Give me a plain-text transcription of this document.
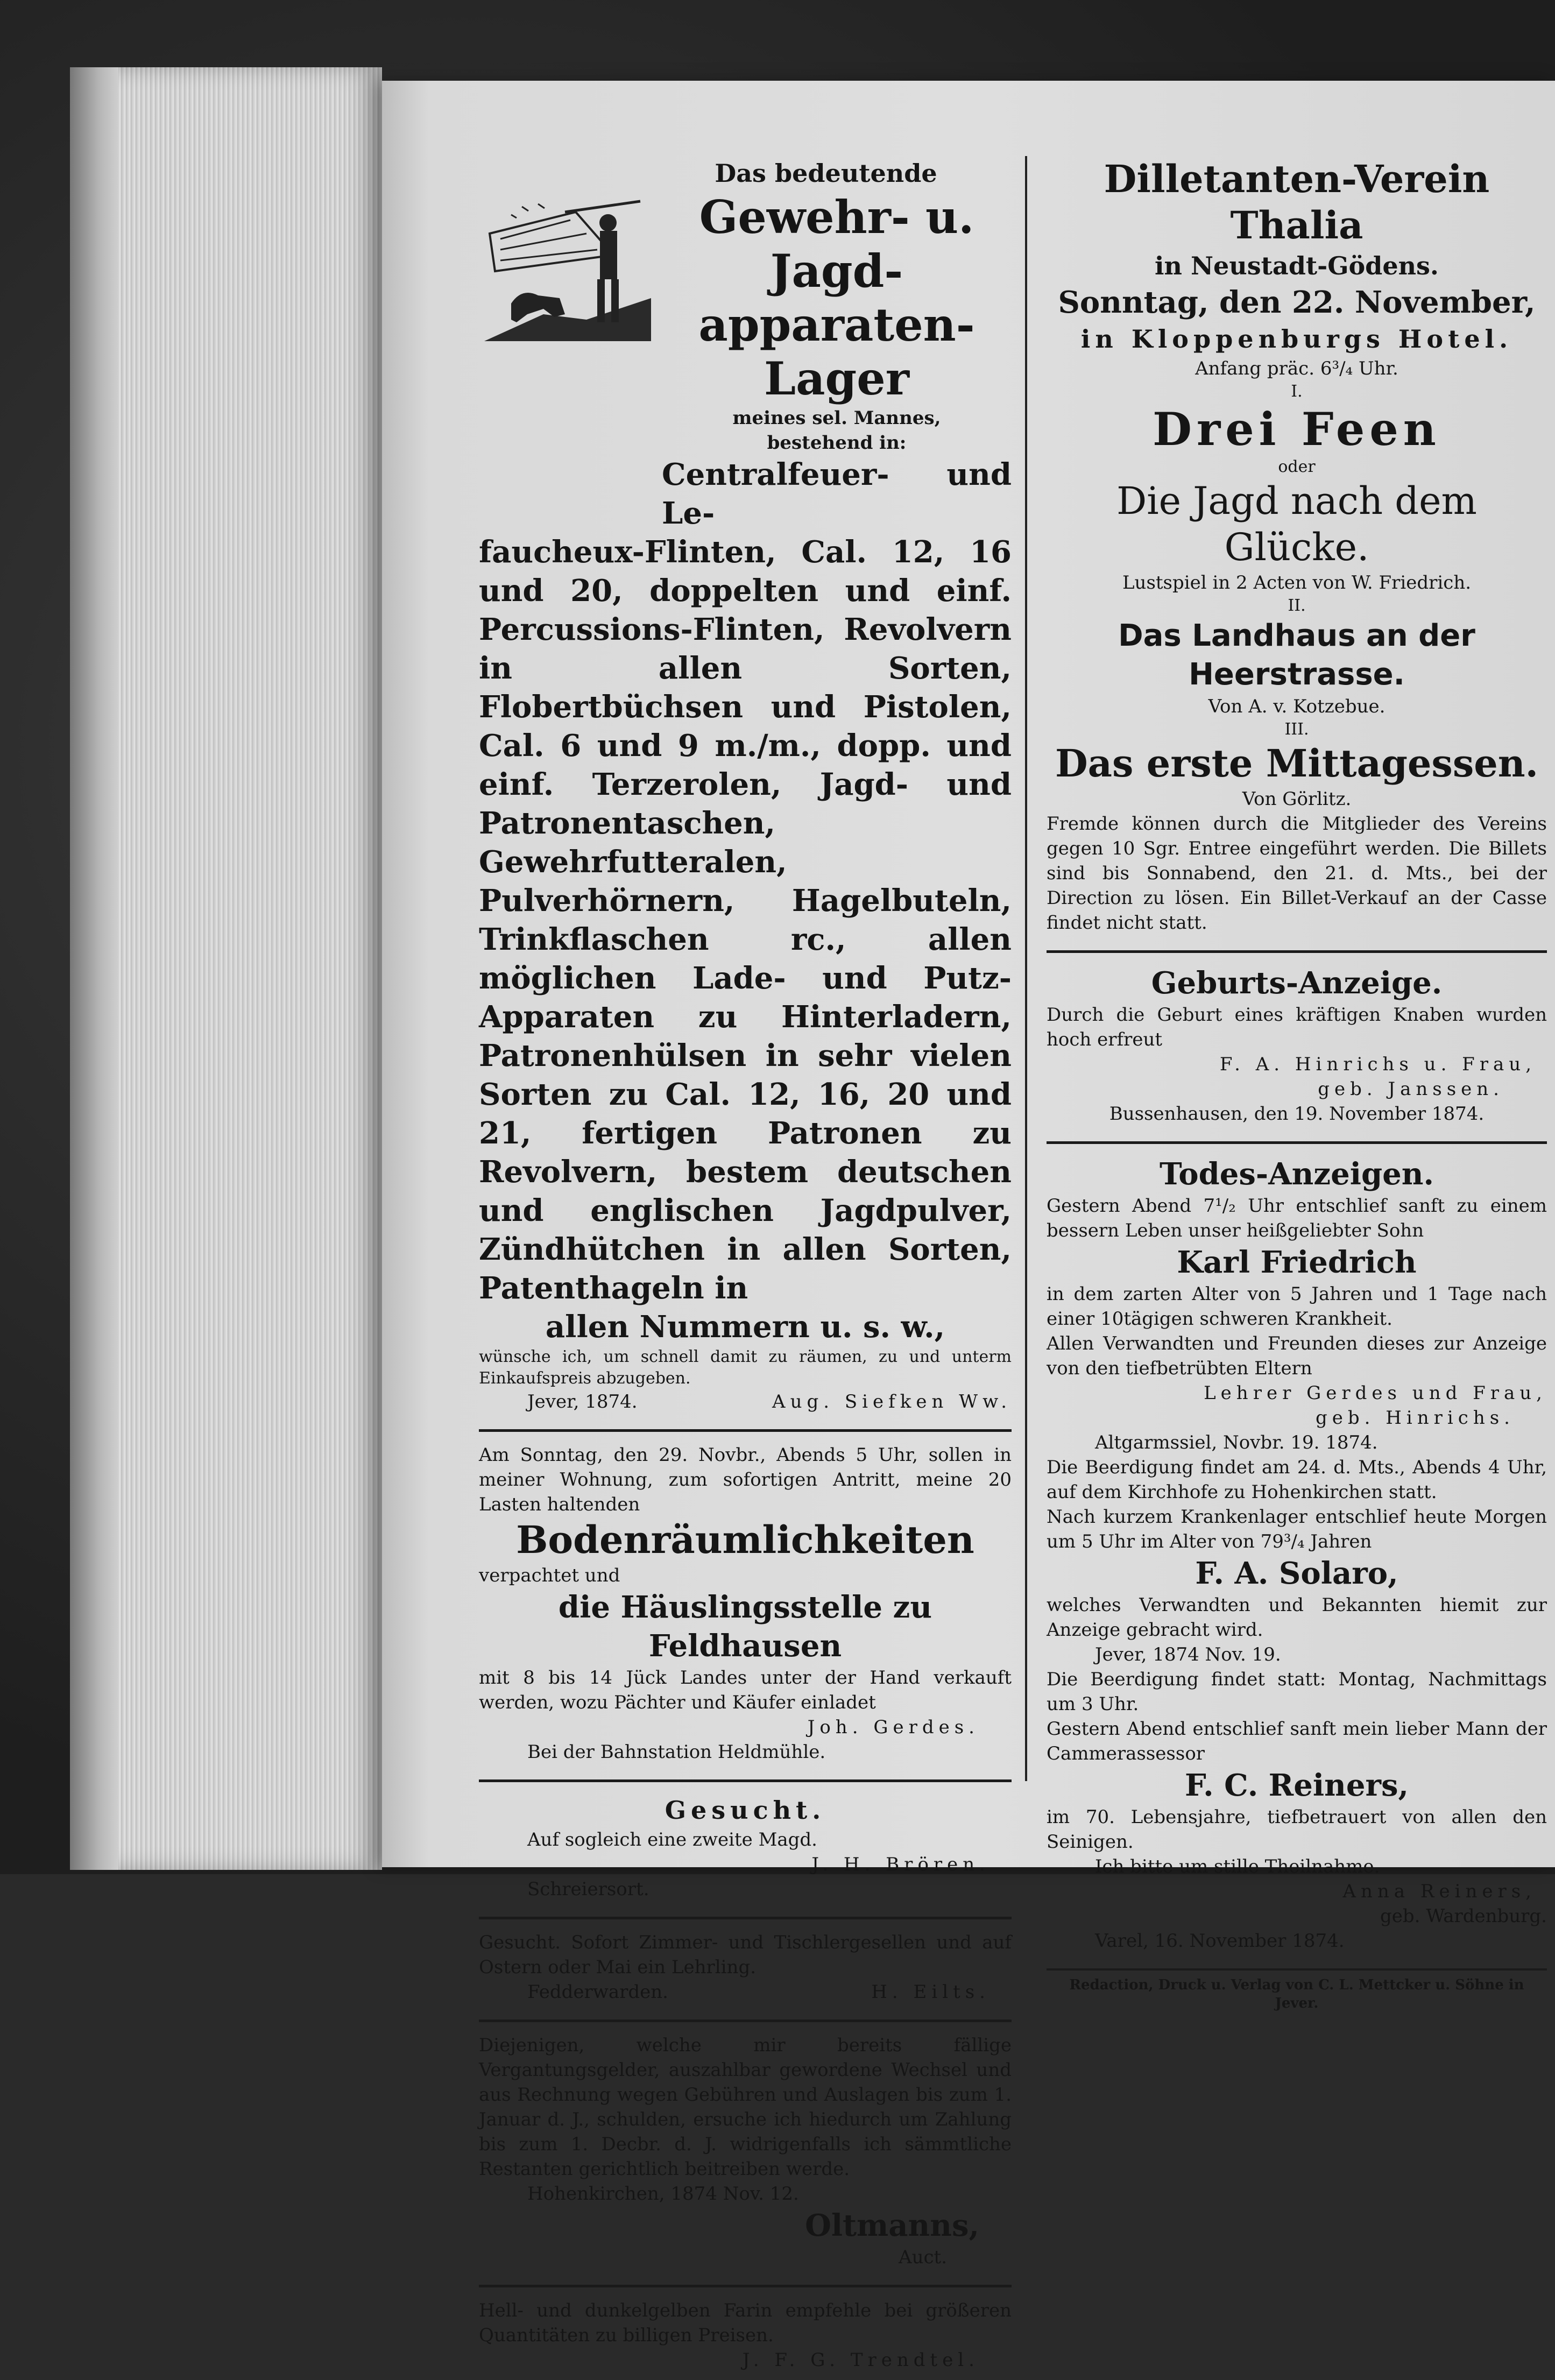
Das bedeutende
Gewehr- u. Jagd-
apparaten-Lager
meines sel. Mannes,
bestehend in:
Centralfeuer- und Le-
faucheux-Flinten, Cal. 12, 16 und 20, doppelten und einf. Percussions-Flinten, Revolvern in allen Sorten, Flobertbüchsen und Pistolen, Cal. 6 und 9 m./m., dopp. und einf. Terzerolen, Jagd- und Patronentaschen, Gewehrfutteralen, Pulverhörnern, Hagelbuteln, Trinkflaschen rc., allen möglichen Lade- und Putz-Apparaten zu Hinterladern, Patronenhülsen in sehr vielen Sorten zu Cal. 12, 16, 20 und 21, fertigen Patronen zu Revolvern, bestem deutschen und englischen Jagdpulver, Zündhütchen in allen Sorten, Patenthageln in
allen Nummern u. s. w.,
wünsche ich, um schnell damit zu räumen, zu und unterm Einkaufspreis abzugeben.
Jever, 1874.	Aug. Siefken Ww.
Am Sonntag, den 29. Novbr., Abends 5 Uhr, sollen in meiner Wohnung, zum sofortigen Antritt, meine 20 Lasten haltenden
Bodenräumlichkeiten
verpachtet und
die Häuslingsstelle zu Feldhausen
mit 8 bis 14 Jück Landes unter der Hand verkauft werden, wozu Pächter und Käufer einladet
Joh. Gerdes.
Bei der Bahnstation Heldmühle.
Gesucht.
Auf sogleich eine zweite Magd.
J. H. Brören.
Schreiersort.
Gesucht. Sofort Zimmer- und Tischlergesellen und auf Ostern oder Mai ein Lehrling.
Fedderwarden.	H. Eilts.
Diejenigen, welche mir bereits fällige Vergantungsgelder, auszahlbar gewordene Wechsel und aus Rechnung wegen Gebühren und Auslagen bis zum 1. Januar d. J., schulden, ersuche ich hiedurch um Zahlung bis zum 1. Decbr. d. J. widrigenfalls ich sämmtliche Restanten gerichtlich beitreiben werde.
Hohenkirchen, 1874 Nov. 12.
Oltmanns,
Auct.
Hell- und dunkelgelben Farin empfehle bei größeren Quantitäten zu billigen Preisen.
J. F. G. Trendtel.
Dilletanten-Verein Thalia
in Neustadt-Gödens.
Sonntag, den 22. November,
in Kloppenburgs Hotel.
Anfang präc. 6³/₄ Uhr.
I.
Drei Feen
oder
Die Jagd nach dem Glücke.
Lustspiel in 2 Acten von W. Friedrich.
II.
Das Landhaus an der Heerstrasse.
Von A. v. Kotzebue.
III.
Das erste Mittagessen.
Von Görlitz.
Fremde können durch die Mitglieder des Vereins gegen 10 Sgr. Entree eingeführt werden. Die Billets sind bis Sonnabend, den 21. d. Mts., bei der Direction zu lösen. Ein Billet-Verkauf an der Casse findet nicht statt.
Geburts-Anzeige.
Durch die Geburt eines kräftigen Knaben wurden hoch erfreut
F. A. Hinrichs u. Frau,
geb. Janssen.
Bussenhausen, den 19. November 1874.
Todes-Anzeigen.
Gestern Abend 7¹/₂ Uhr entschlief sanft zu einem bessern Leben unser heißgeliebter Sohn
Karl Friedrich
in dem zarten Alter von 5 Jahren und 1 Tage nach einer 10tägigen schweren Krankheit.
Allen Verwandten und Freunden dieses zur Anzeige von den tiefbetrübten Eltern
Lehrer Gerdes und Frau,
geb. Hinrichs.
Altgarmssiel, Novbr. 19. 1874.
Die Beerdigung findet am 24. d. Mts., Abends 4 Uhr, auf dem Kirchhofe zu Hohenkirchen statt.
Nach kurzem Krankenlager entschlief heute Morgen um 5 Uhr im Alter von 79³/₄ Jahren
F. A. Solaro,
welches Verwandten und Bekannten hiemit zur Anzeige gebracht wird.
Jever, 1874 Nov. 19.
Die Beerdigung findet statt: Montag, Nachmittags um 3 Uhr.
Gestern Abend entschlief sanft mein lieber Mann der Cammerassessor
F. C. Reiners,
im 70. Lebensjahre, tiefbetrauert von allen den Seinigen.
Ich bitte um stille Theilnahme.
Anna Reiners,
geb. Wardenburg.
Varel, 16. November 1874.
Redaction, Druck u. Verlag von C. L. Mettcker u. Söhne in Jever.
